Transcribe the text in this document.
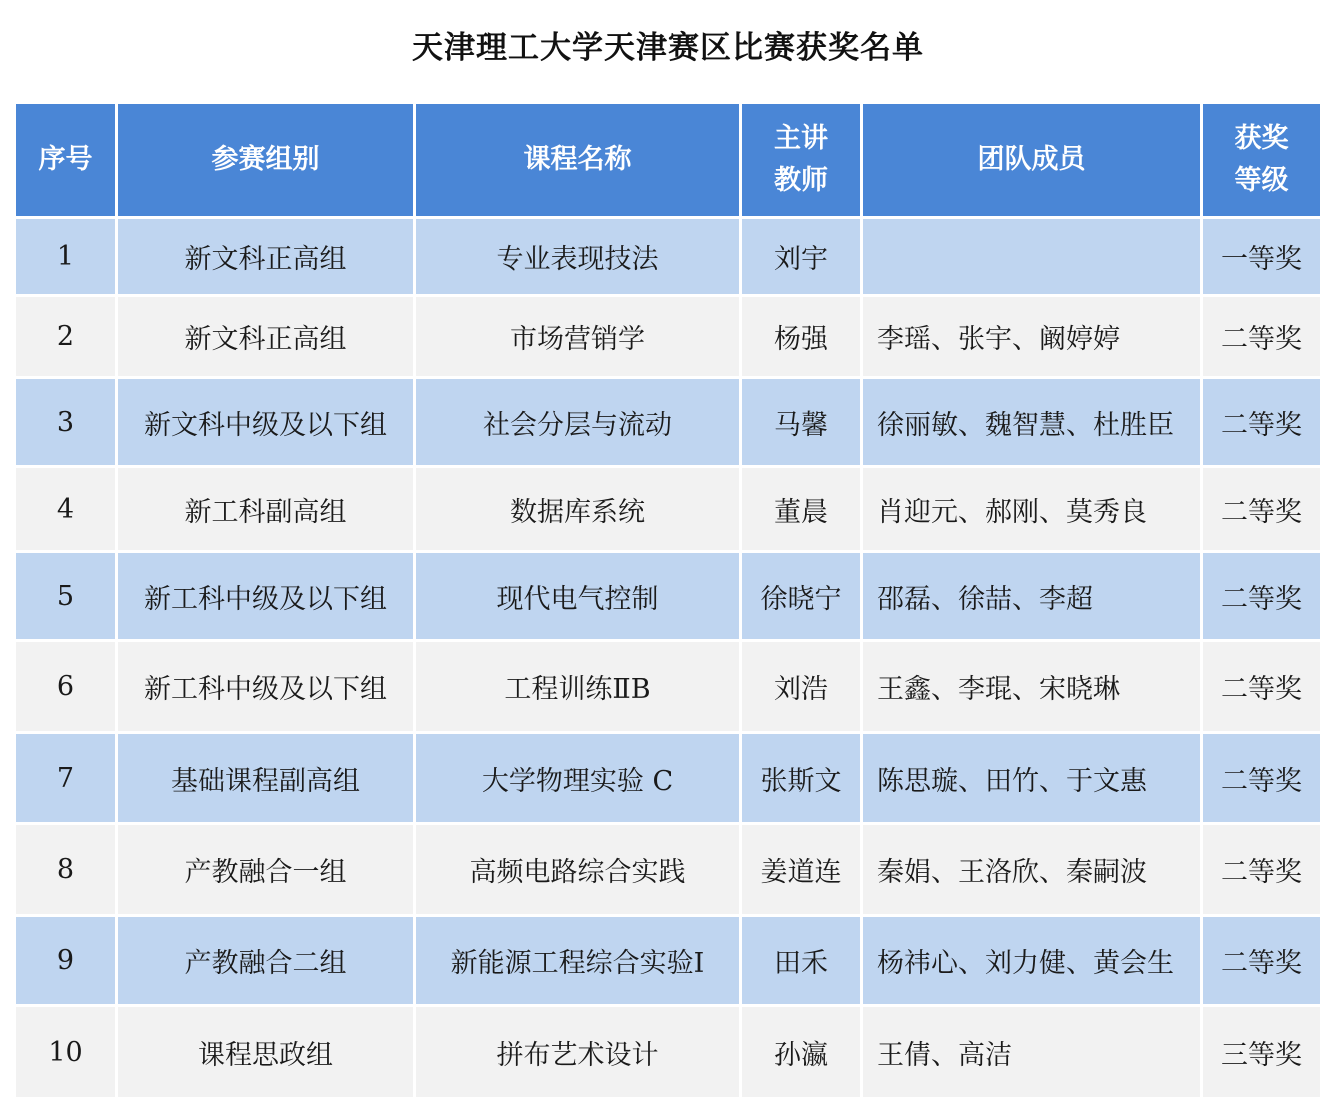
天津理工大学天津赛区比赛获奖名单
序号	参赛组别	课程名称	主讲教师	团队成员	获奖等级
1	新文科正高组	专业表现技法	刘宇		一等奖
2	新文科正高组	市场营销学	杨强	李瑶、张宇、阚婷婷	二等奖
3	新文科中级及以下组	社会分层与流动	马馨	徐丽敏、魏智慧、杜胜臣	二等奖
4	新工科副高组	数据库系统	董晨	肖迎元、郝刚、莫秀良	二等奖
5	新工科中级及以下组	现代电气控制	徐晓宁	邵磊、徐喆、李超	二等奖
6	新工科中级及以下组	工程训练ⅡB	刘浩	王鑫、李琨、宋晓琳	二等奖
7	基础课程副高组	大学物理实验 C	张斯文	陈思璇、田竹、于文惠	二等奖
8	产教融合一组	高频电路综合实践	姜道连	秦娟、王洛欣、秦嗣波	二等奖
9	产教融合二组	新能源工程综合实验Ⅰ	田禾	杨祎心、刘力健、黄会生	二等奖
10	课程思政组	拼布艺术设计	孙瀛	王倩、高洁	三等奖
